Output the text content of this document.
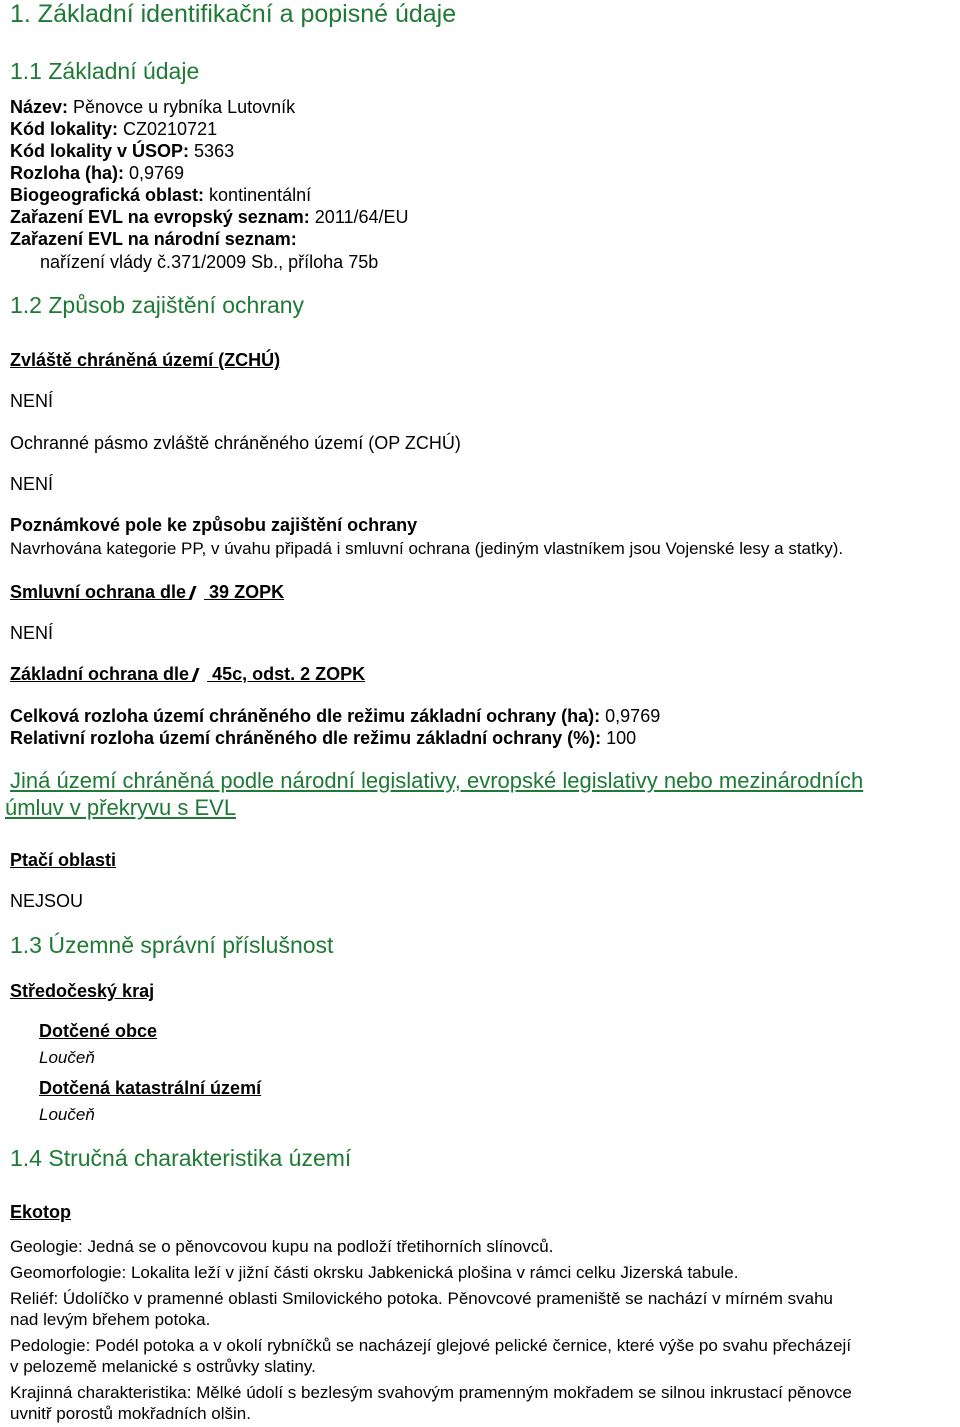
1. Základní identifikační a popisné údaje
1.1 Základní údaje
Název: Pěnovce u rybníka Lutovník
Kód lokality: CZ0210721
Kód lokality v ÚSOP: 5363
Rozloha (ha): 0,9769
Biogeografická oblast: kontinentální
Zařazení EVL na evropský seznam: 2011/64/EU
Zařazení EVL na národní seznam:
nařízení vlády č.371/2009 Sb., příloha 75b
1.2 Způsob zajištění ochrany
Zvláště chráněná území (ZCHÚ)
NENÍ
Ochranné pásmo zvláště chráněného území (OP ZCHÚ)
NENÍ
Poznámkové pole ke způsobu zajištění ochrany
Navrhována kategorie PP, v úvahu připadá i smluvní ochrana (jediným vlastníkem jsou Vojenské lesy a statky).
Smluvní ochrana dle  39 ZOPK
NENÍ
Základní ochrana dle  45c, odst. 2 ZOPK
Celková rozloha území chráněného dle režimu základní ochrany (ha): 0,9769
Relativní rozloha území chráněného dle režimu základní ochrany (%): 100
Jiná území chráněná podle národní legislativy, evropské legislativy nebo mezinárodních
úmluv v překryvu s EVL
Ptačí oblasti
NEJSOU
1.3 Územně správní příslušnost
Středočeský kraj
Dotčené obce
Loučeň
Dotčená katastrální území
Loučeň
1.4 Stručná charakteristika území
Ekotop
Geologie: Jedná se o pěnovcovou kupu na podloží třetihorních slínovců.
Geomorfologie: Lokalita leží v jižní části okrsku Jabkenická plošina v rámci celku Jizerská tabule.
Reliéf: Údolíčko v pramenné oblasti Smilovického potoka. Pěnovcové prameniště se nachází v mírném svahu
nad levým břehem potoka.
Pedologie: Podél potoka a v okolí rybníčků se nacházejí glejové pelické černice, které výše po svahu přecházejí
v pelozemě melanické s ostrůvky slatiny.
Krajinná charakteristika: Mělké údolí s bezlesým svahovým pramenným mokřadem se silnou inkrustací pěnovce
uvnitř porostů mokřadních olšin.
